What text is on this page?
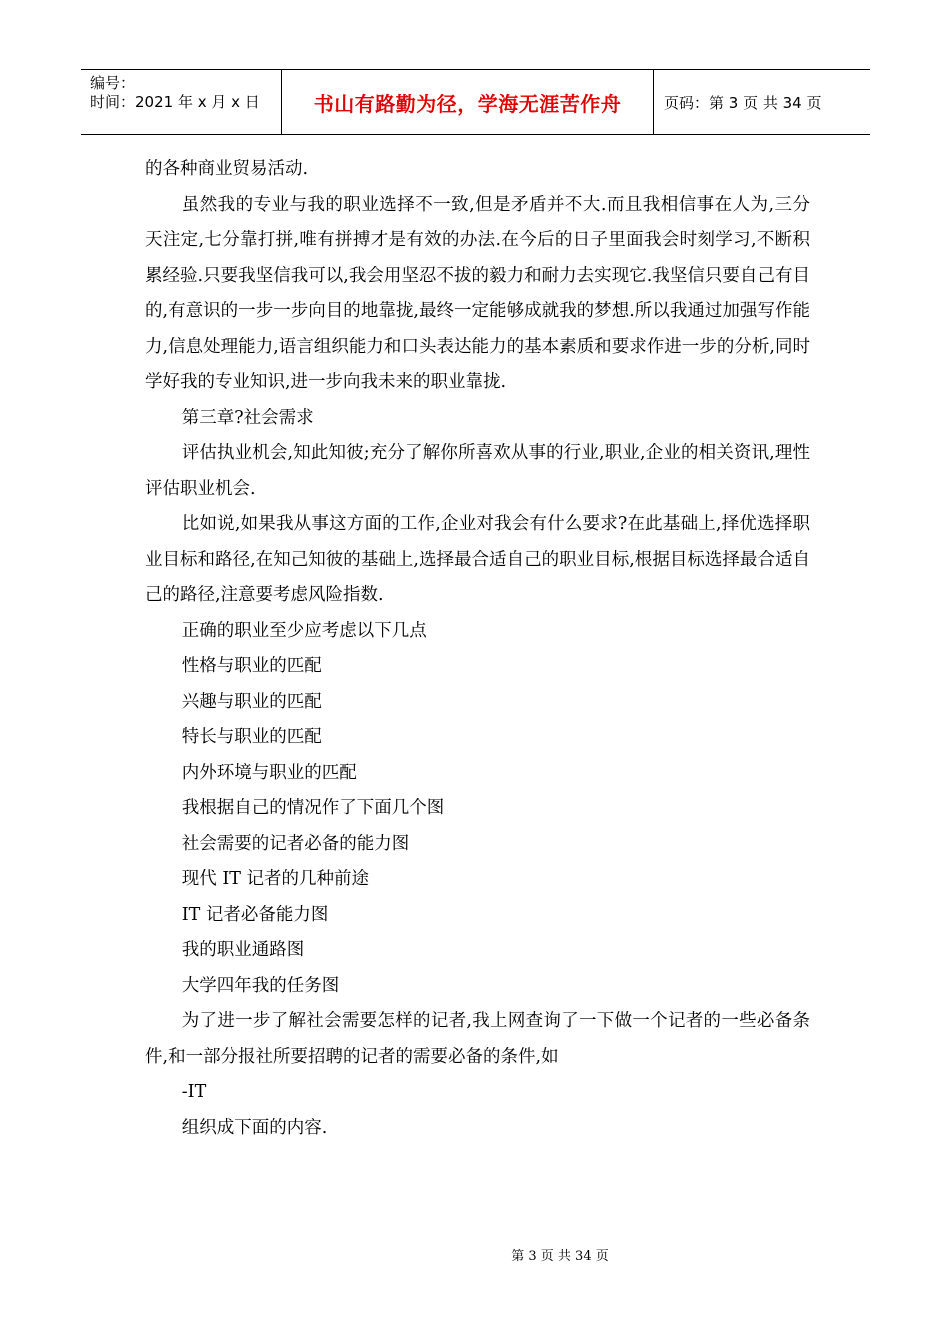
编号：
时间：2021 年 x 月 x 日	书山有路勤为径，学海无涯苦作舟	页码：第 3 页 共 34 页

的各种商业贸易活动.

虽然我的专业与我的职业选择不一致,但是矛盾并不大.而且我相信事在人为,三分天注定,七分靠打拼,唯有拼搏才是有效的办法.在今后的日子里面我会时刻学习,不断积累经验.只要我坚信我可以,我会用坚忍不拔的毅力和耐力去实现它.我坚信只要自己有目的,有意识的一步一步向目的地靠拢,最终一定能够成就我的梦想.所以我通过加强写作能力,信息处理能力,语言组织能力和口头表达能力的基本素质和要求作进一步的分析,同时学好我的专业知识,进一步向我未来的职业靠拢.

第三章?社会需求

评估执业机会,知此知彼;充分了解你所喜欢从事的行业,职业,企业的相关资讯,理性评估职业机会.

比如说,如果我从事这方面的工作,企业对我会有什么要求?在此基础上,择优选择职业目标和路径,在知己知彼的基础上,选择最合适自己的职业目标,根据目标选择最合适自己的路径,注意要考虑风险指数.

正确的职业至少应考虑以下几点

性格与职业的匹配

兴趣与职业的匹配

特长与职业的匹配

内外环境与职业的匹配

我根据自己的情况作了下面几个图

社会需要的记者必备的能力图

现代 IT 记者的几种前途

IT 记者必备能力图

我的职业通路图

大学四年我的任务图

为了进一步了解社会需要怎样的记者,我上网查询了一下做一个记者的一些必备条件,和一部分报社所要招聘的记者的需要必备的条件,如

-IT

组织成下面的内容.

第 3 页 共 34 页
